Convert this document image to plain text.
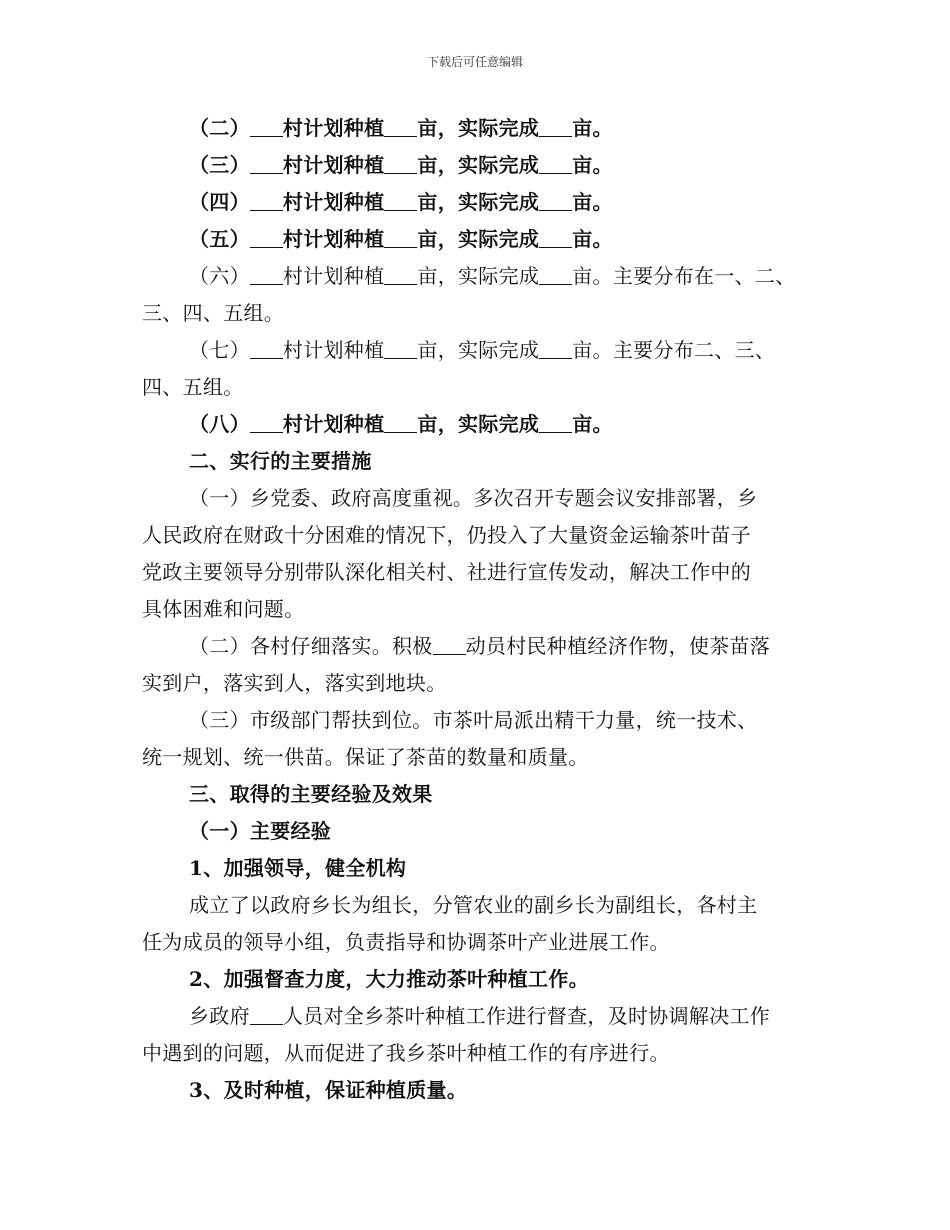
下载后可任意编辑
（二） 村计划种植 亩，实际完成 亩。
（三） 村计划种植 亩，实际完成 亩。
（四） 村计划种植 亩，实际完成 亩。
（五） 村计划种植 亩，实际完成 亩。
（六） 村计划种植 亩，实际完成 亩。主要分布在一、二、
三、四、五组。
（七） 村计划种植 亩，实际完成 亩。主要分布二、三、
四、五组。
（八） 村计划种植 亩，实际完成 亩。
二、实行的主要措施
（一）乡党委、政府高度重视。多次召开专题会议安排部署，乡
人民政府在财政十分困难的情况下，仍投入了大量资金运输茶叶苗子
党政主要领导分别带队深化相关村、社进行宣传发动，解决工作中的
具体困难和问题。
（二）各村仔细落实。积极 动员村民种植经济作物，使茶苗落
实到户，落实到人，落实到地块。
（三）市级部门帮扶到位。市茶叶局派出精干力量，统一技术、
统一规划、统一供苗。保证了茶苗的数量和质量。
三、取得的主要经验及效果
（一）主要经验
1、加强领导，健全机构
成立了以政府乡长为组长，分管农业的副乡长为副组长，各村主
任为成员的领导小组，负责指导和协调茶叶产业进展工作。
2、加强督查力度，大力推动茶叶种植工作。
乡政府 人员对全乡茶叶种植工作进行督查，及时协调解决工作
中遇到的问题，从而促进了我乡茶叶种植工作的有序进行。
3、及时种植，保证种植质量。
